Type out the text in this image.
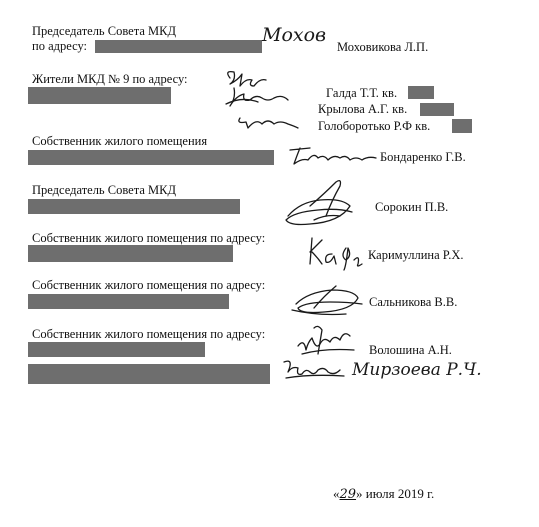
Председатель Совета МКД
по адресу:	Мохов
Моховикова Л.П.
Жители МКД № 9 по адресу:
Галда Т.Т. кв.
Крылова А.Г. кв.
Голоборотько Р.Ф кв.
Собственник жилого помещения
Бондаренко Г.В.
Председатель Совета МКД
Сорокин П.В.
Собственник жилого помещения по адресу:
Каримуллина Р.Х.
Собственник жилого помещения по адресу:
Сальникова В.В.
Собственник жилого помещения по адресу:
Волошина А.Н.
Мирзоева Р.Ч.
«29» июля 2019 г.
